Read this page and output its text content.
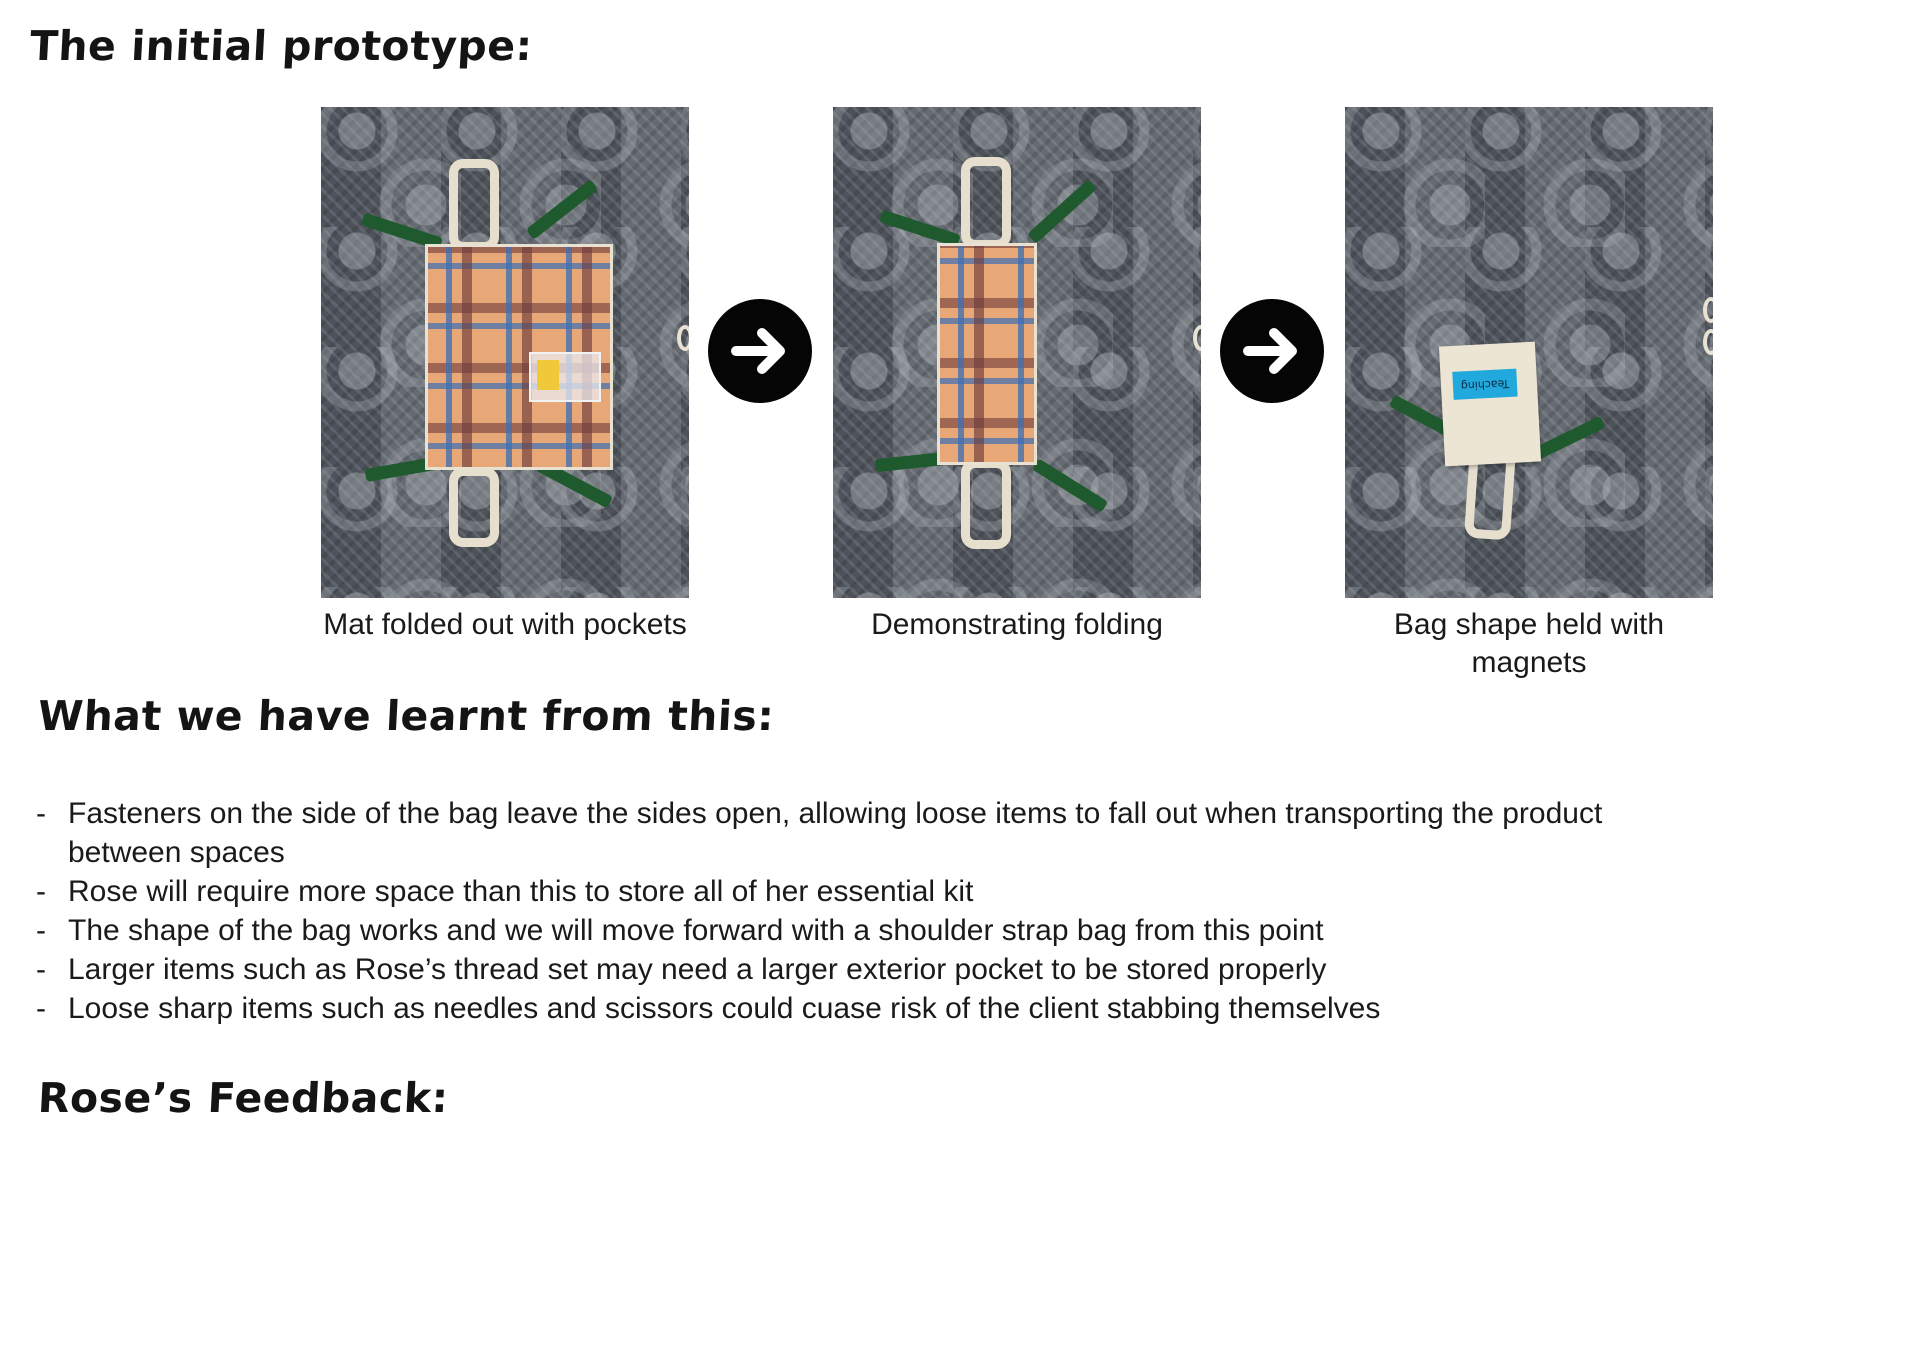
The initial prototype:
Teaching

Mat folded out with pockets	Demonstrating folding	Bag shape held with
magnets

What we have learnt from this:
- Fasteners on the side of the bag leave the sides open, allowing loose items to fall out when transporting the product
between spaces
- Rose will require more space than this to store all of her essential kit
- The shape of the bag works and we will move forward with a shoulder strap bag from this point
- Larger items such as Rose’s thread set may need a larger exterior pocket to be stored properly
- Loose sharp items such as needles and scissors could cuase risk of the client stabbing themselves
Rose’s Feedback:
